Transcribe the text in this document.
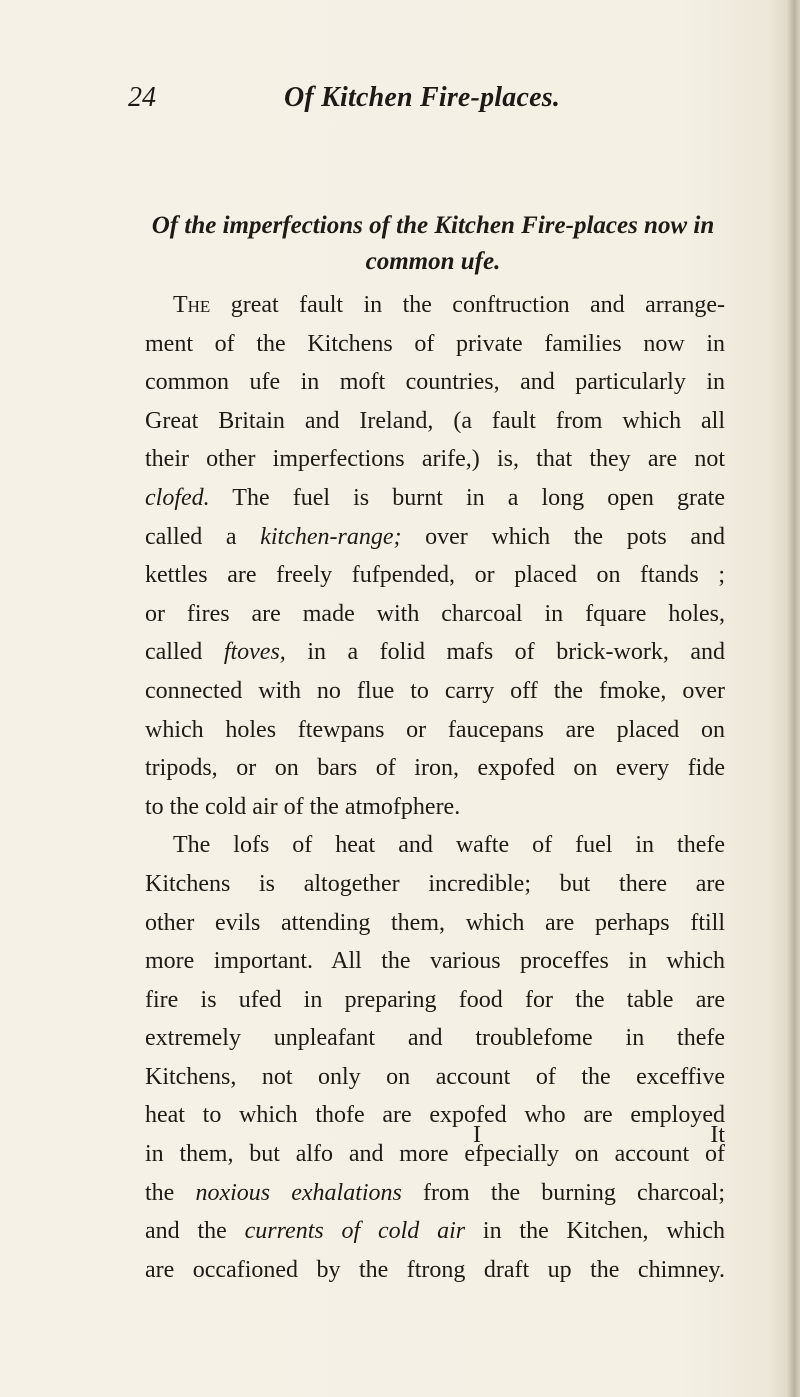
24	Of Kitchen Fire-places.
Of the imperfections of the Kitchen Fire-places now in
common ufe.
The great fault in the conftruction and arrange-
ment of the Kitchens of private families now in
common ufe in moft countries, and particularly in
Great Britain and Ireland, (a fault from which all
their other imperfections arife,) is, that they are not
clofed. The fuel is burnt in a long open grate
called a kitchen-range; over which the pots and
kettles are freely fufpended, or placed on ftands ;
or fires are made with charcoal in fquare holes,
called ftoves, in a folid mafs of brick-work, and
connected with no flue to carry off the fmoke, over
which holes ftewpans or faucepans are placed on
tripods, or on bars of iron, expofed on every fide
to the cold air of the atmofphere.
The lofs of heat and wafte of fuel in thefe
Kitchens is altogether incredible; but there are
other evils attending them, which are perhaps ftill
more important. All the various proceffes in which
fire is ufed in preparing food for the table are
extremely unpleafant and troublefome in thefe
Kitchens, not only on account of the exceffive
heat to which thofe are expofed who are employed
in them, but alfo and more efpecially on account of
the noxious exhalations from the burning charcoal;
and the currents of cold air in the Kitchen, which
are occafioned by the ftrong draft up the chimney.
I	It
